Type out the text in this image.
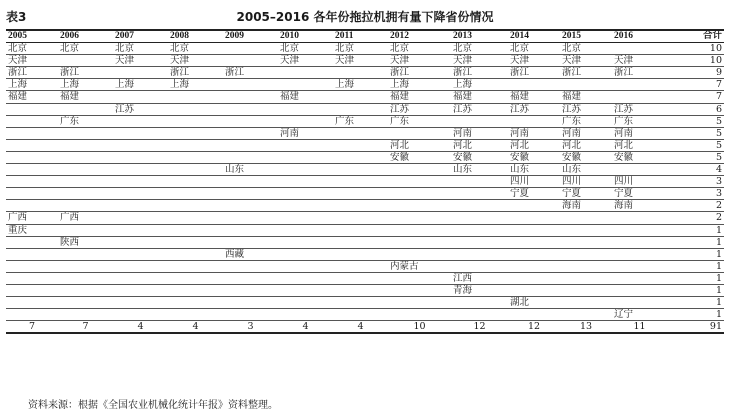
表3	2005–2016 各年份拖拉机拥有量下降省份情况
2005	2006	2007	2008	2009	2010	2011	2012	2013	2014	2015	2016	合计
北京	北京	北京	北京		北京	北京	北京	北京	北京	北京		10
天津		天津	天津		天津	天津	天津	天津	天津	天津	天津	10
浙江	浙江		浙江	浙江			浙江	浙江	浙江	浙江	浙江	9
上海	上海	上海	上海			上海	上海	上海				7
福建	福建				福建		福建	福建	福建	福建		7
		江苏					江苏	江苏	江苏	江苏	江苏	6
	广东					广东	广东			广东	广东	5
					河南			河南	河南	河南	河南	5
							河北	河北	河北	河北	河北	5
							安徽	安徽	安徽	安徽	安徽	5
				山东				山东	山东	山东		4
									四川	四川	四川	3
									宁夏	宁夏	宁夏	3
										海南	海南	2
广西	广西											2
重庆												1
	陕西											1
				西藏								1
							内蒙古					1
								江西				1
								青海				1
									湖北			1
											辽宁	1
7	7	4	4	3	4	4	10	12	12	13	11	91
资料来源：根据《全国农业机械化统计年报》资料整理。
